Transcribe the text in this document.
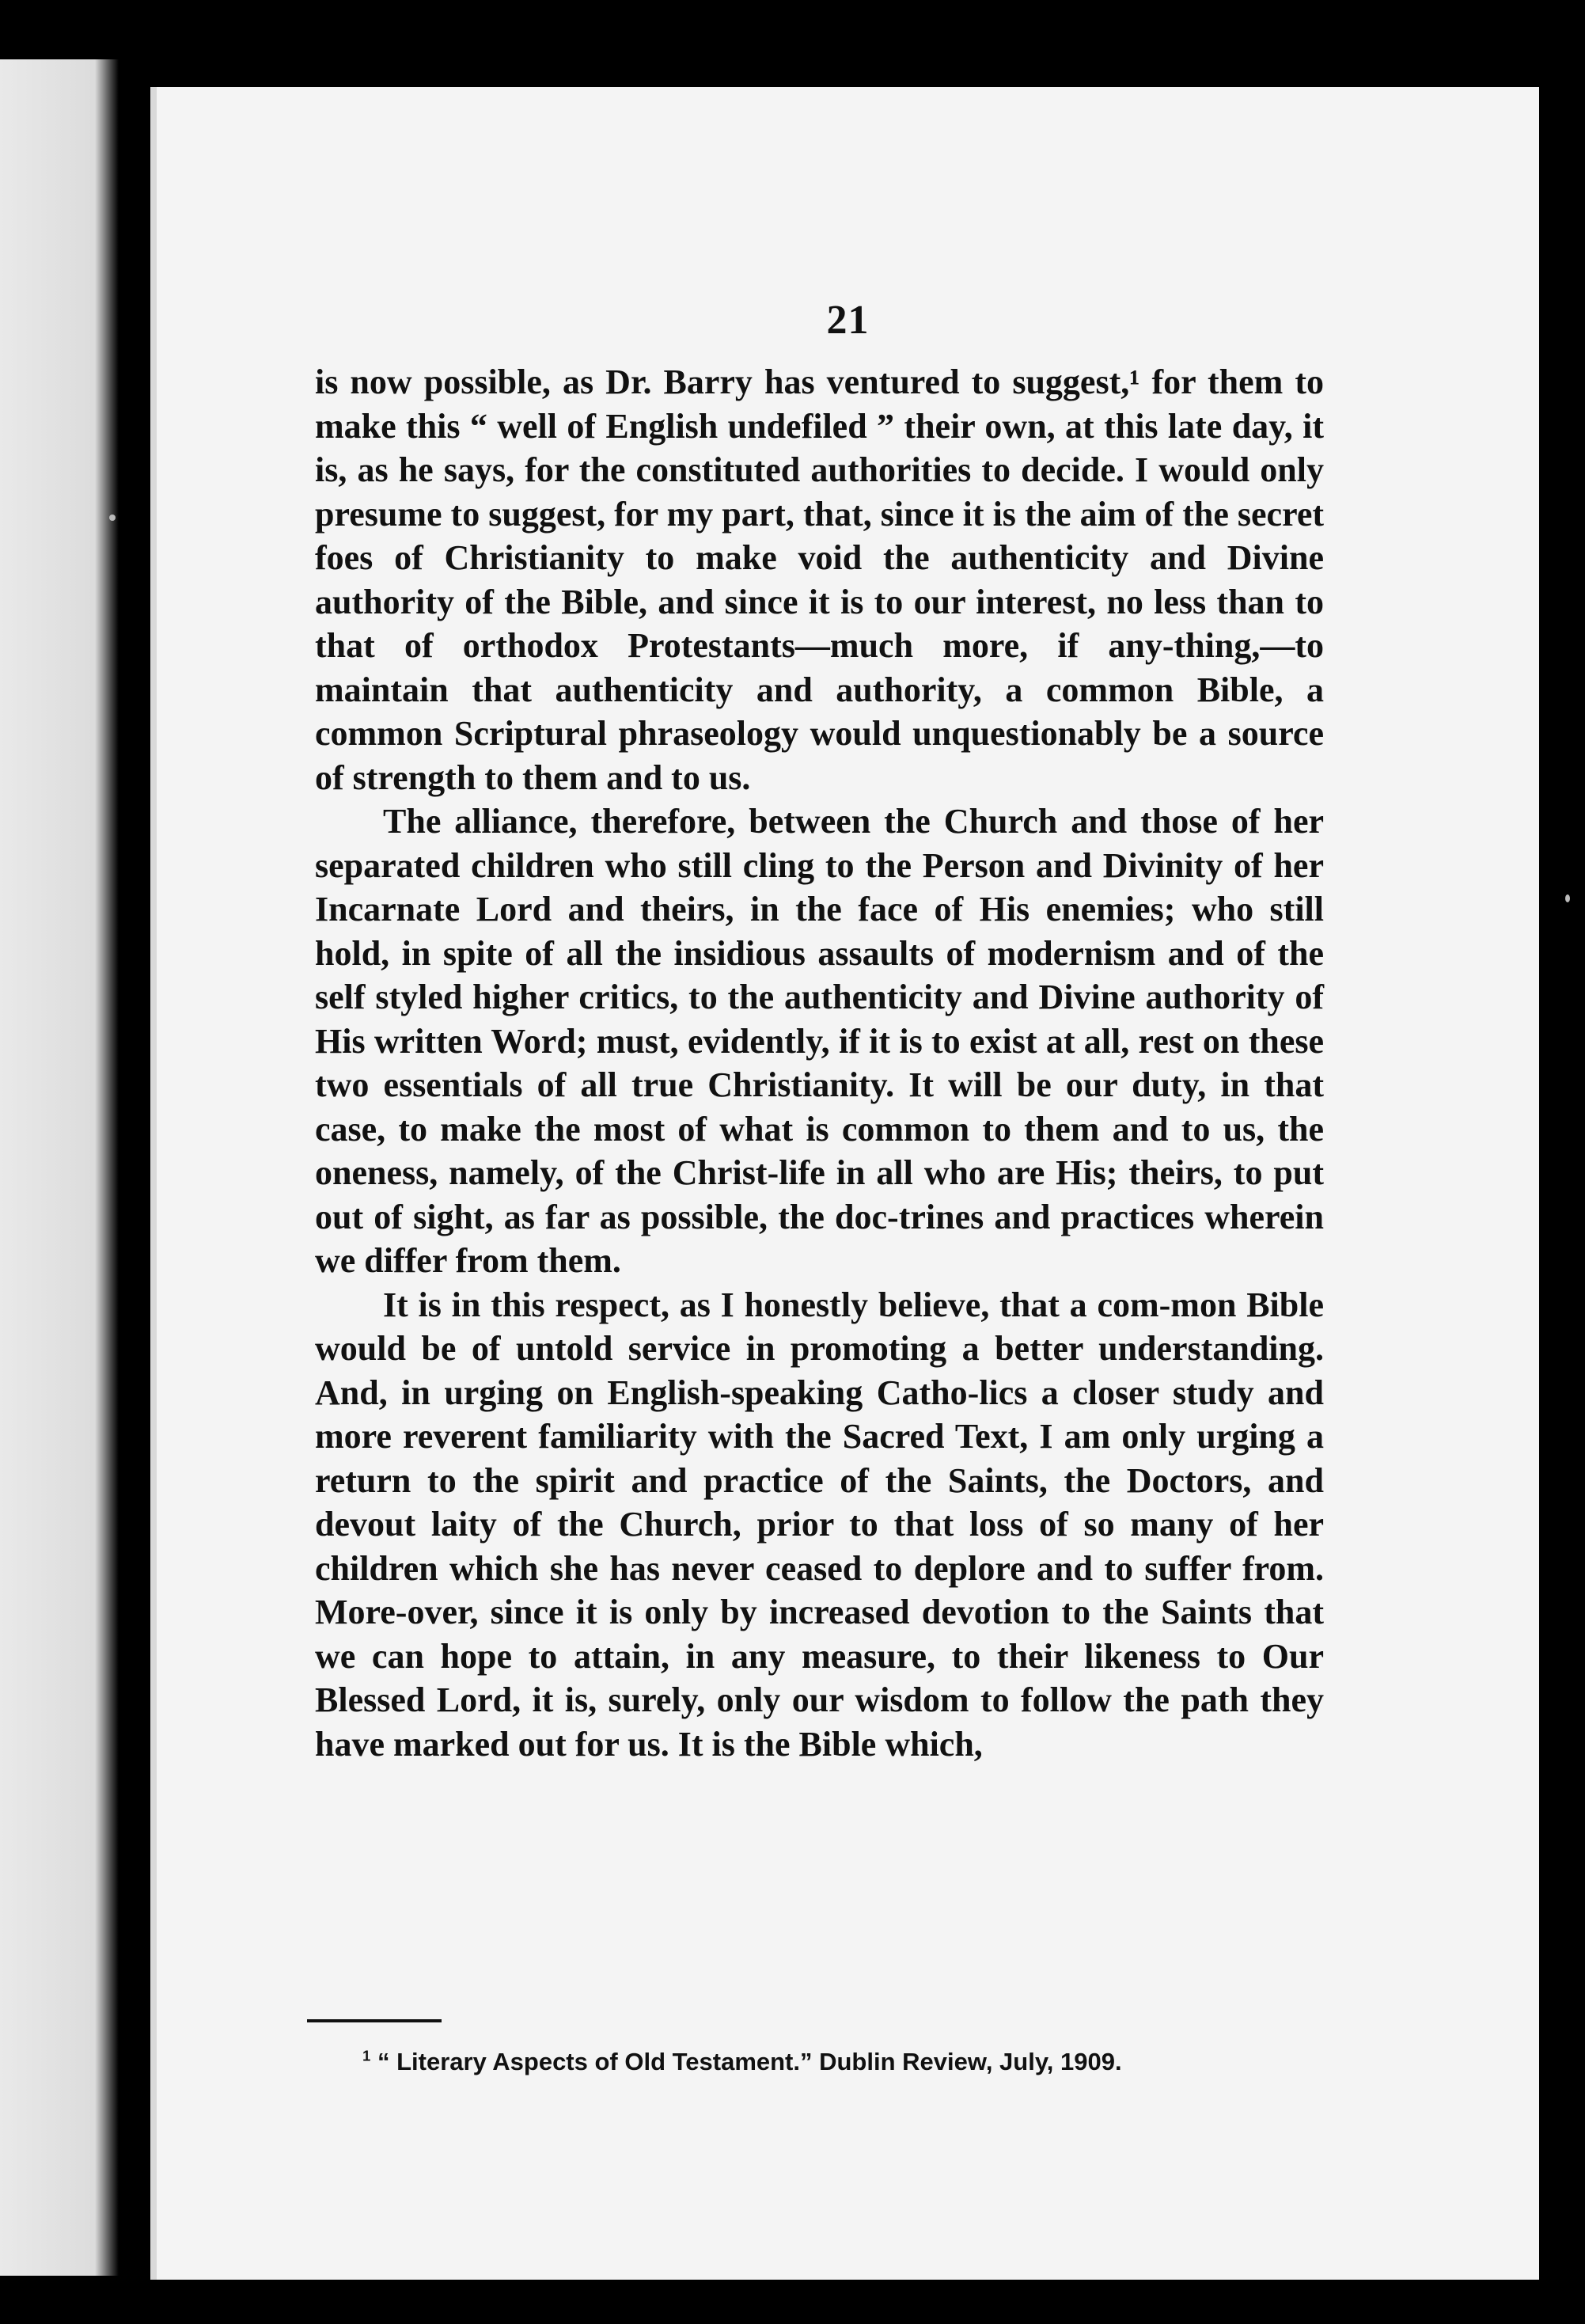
21

is now possible, as Dr. Barry has ventured to suggest,¹ for them to make this “ well of English undefiled ” their own, at this late day, it is, as he says, for the constituted authorities to decide. I would only presume to suggest, for my part, that, since it is the aim of the secret foes of Christianity to make void the authenticity and Divine authority of the Bible, and since it is to our interest, no less than to that of orthodox Protestants—much more, if any-thing,—to maintain that authenticity and authority, a common Bible, a common Scriptural phraseology would unquestionably be a source of strength to them and to us.

The alliance, therefore, between the Church and those of her separated children who still cling to the Person and Divinity of her Incarnate Lord and theirs, in the face of His enemies; who still hold, in spite of all the insidious assaults of modernism and of the self styled higher critics, to the authenticity and Divine authority of His written Word; must, evidently, if it is to exist at all, rest on these two essentials of all true Christianity. It will be our duty, in that case, to make the most of what is common to them and to us, the oneness, namely, of the Christ-life in all who are His; theirs, to put out of sight, as far as possible, the doc-trines and practices wherein we differ from them.

It is in this respect, as I honestly believe, that a com-mon Bible would be of untold service in promoting a better understanding. And, in urging on English-speaking Catho-lics a closer study and more reverent familiarity with the Sacred Text, I am only urging a return to the spirit and practice of the Saints, the Doctors, and devout laity of the Church, prior to that loss of so many of her children which she has never ceased to deplore and to suffer from. More-over, since it is only by increased devotion to the Saints that we can hope to attain, in any measure, to their likeness to Our Blessed Lord, it is, surely, only our wisdom to follow the path they have marked out for us. It is the Bible which,

$^1$ “ Literary Aspects of Old Testament.” Dublin Review, July, 1909.
